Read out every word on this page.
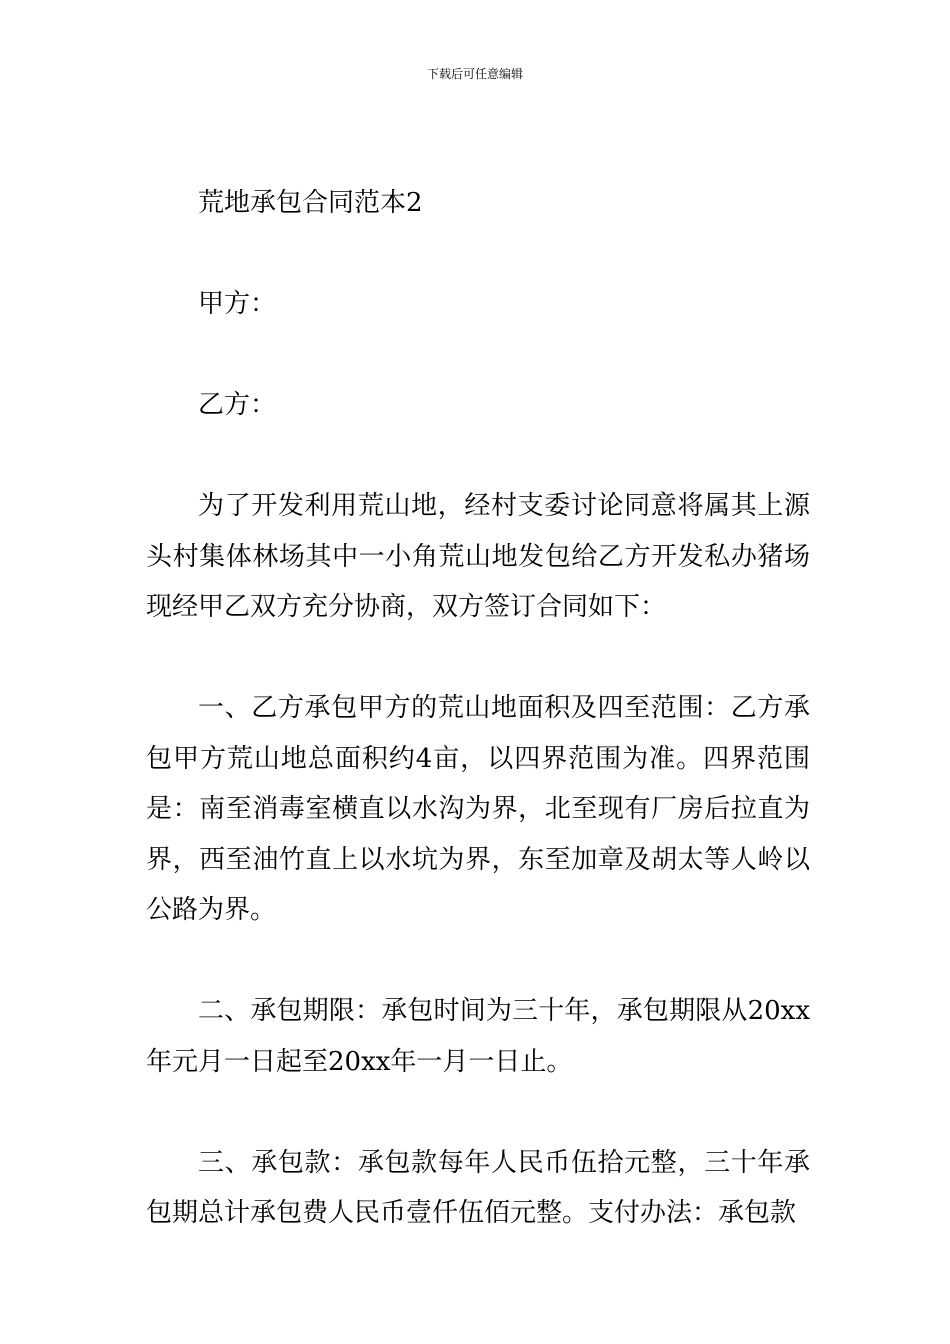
下载后可任意编辑

荒地承包合同范本2

甲方：

乙方：

为了开发利用荒山地，经村支委讨论同意将属其上源头村集体林场其中一小角荒山地发包给乙方开发私办猪场现经甲乙双方充分协商，双方签订合同如下：

一、乙方承包甲方的荒山地面积及四至范围：乙方承包甲方荒山地总面积约4亩，以四界范围为准。四界范围是：南至消毒室横直以水沟为界，北至现有厂房后拉直为界，西至油竹直上以水坑为界，东至加章及胡太等人岭以公路为界。

二、承包期限：承包时间为三十年，承包期限从20xx年元月一日起至20xx年一月一日止。

三、承包款：承包款每年人民币伍拾元整，三十年承包期总计承包费人民币壹仟伍佰元整。支付办法：承包款
